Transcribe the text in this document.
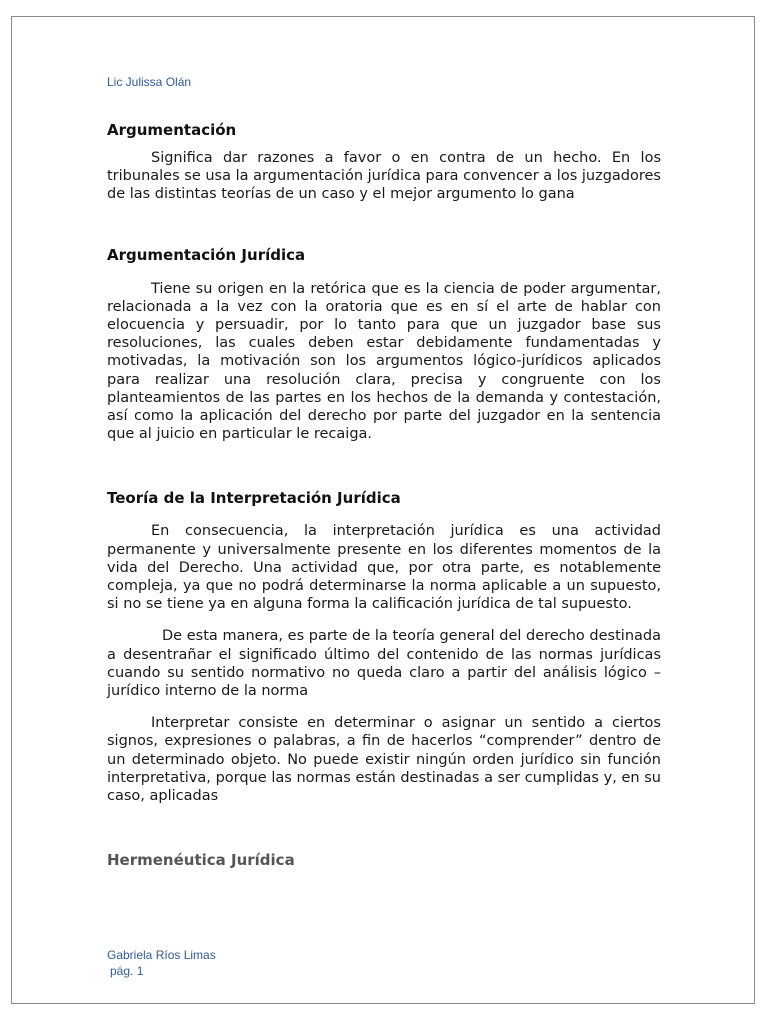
Lic Julissa Olán
Argumentación

Significa dar razones a favor o en contra de un hecho. En los tribunales se usa la argumentación jurídica para convencer a los juzgadores de las distintas teorías de un caso y el mejor argumento lo gana

Argumentación Jurídica

Tiene su origen en la retórica que es la ciencia de poder argumentar, relacionada a la vez con la oratoria que es en sí el arte de hablar con elocuencia y persuadir, por lo tanto para que un juzgador base sus resoluciones, las cuales deben estar debidamente fundamentadas y motivadas, la motivación son los argumentos lógico-jurídicos aplicados para realizar una resolución clara, precisa y congruente con los planteamientos de las partes en los hechos de la demanda y contestación, así como la aplicación del derecho por parte del juzgador en la sentencia que al juicio en particular le recaiga.

Teoría de la Interpretación Jurídica

En consecuencia, la interpretación jurídica es una actividad permanente y universalmente presente en los diferentes momentos de la vida del Derecho. Una actividad que, por otra parte, es notablemente compleja, ya que no podrá determinarse la norma aplicable a un supuesto, si no se tiene ya en alguna forma la calificación jurídica de tal supuesto.

De esta manera, es parte de la teoría general del derecho destinada a desentrañar el significado último del contenido de las normas jurídicas cuando su sentido normativo no queda claro a partir del análisis lógico – jurídico interno de la norma

Interpretar consiste en determinar o asignar un sentido a ciertos signos, expresiones o palabras, a fin de hacerlos “comprender” dentro de un determinado objeto. No puede existir ningún orden jurídico sin función interpretativa, porque las normas están destinadas a ser cumplidas y, en su caso, aplicadas

Hermenéutica Jurídica
Gabriela Ríos Limas
pág. 1
